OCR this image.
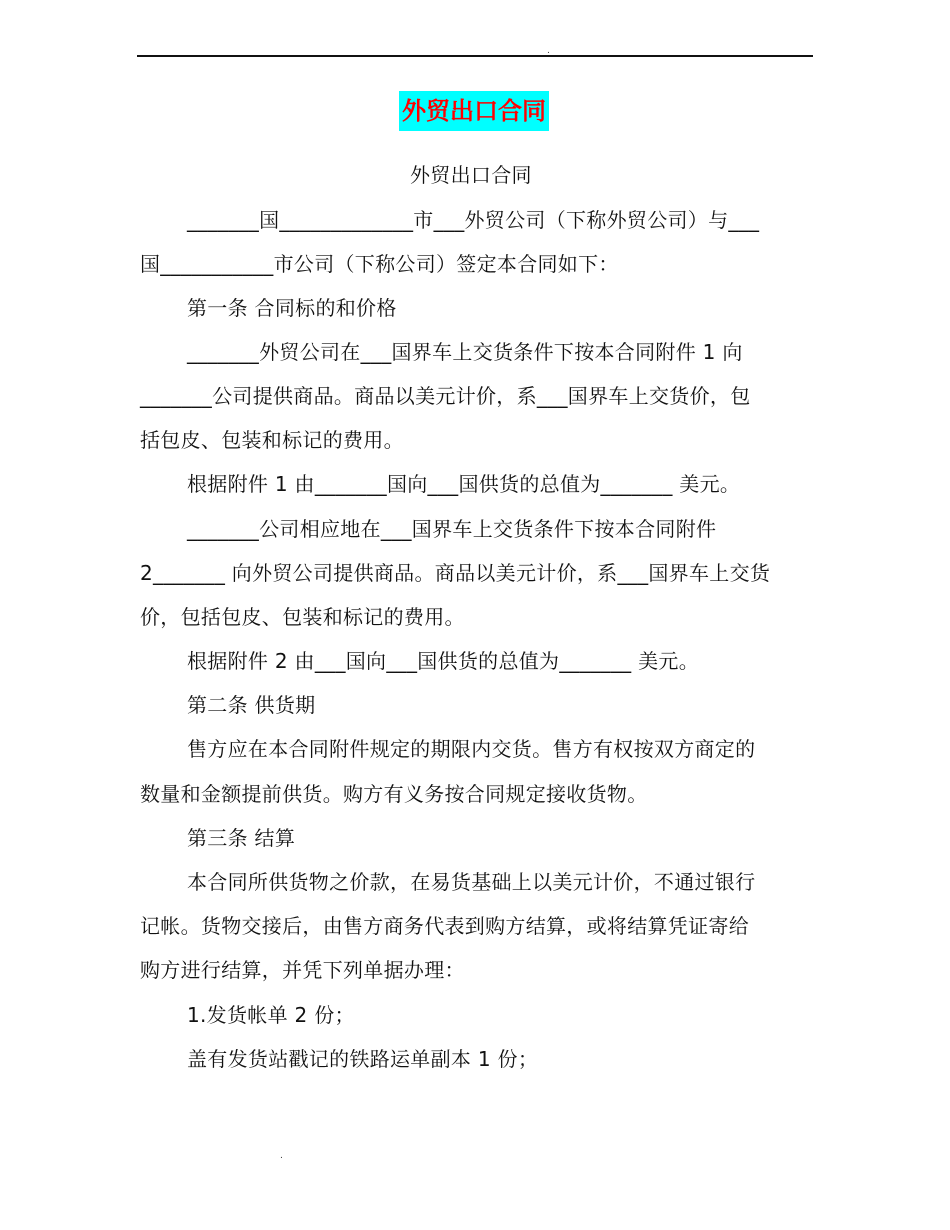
.
外贸出口合同
外贸出口合同
_______国_____________市___外贸公司（下称外贸公司）与___
国___________市公司（下称公司）签定本合同如下：
第一条 合同标的和价格
_______外贸公司在___国界车上交货条件下按本合同附件 1 向
_______公司提供商品。商品以美元计价，系___国界车上交货价，包
括包皮、包装和标记的费用。
根据附件 1 由_______国向___国供货的总值为_______ 美元。
_______公司相应地在___国界车上交货条件下按本合同附件
2_______ 向外贸公司提供商品。商品以美元计价，系___国界车上交货
价，包括包皮、包装和标记的费用。
根据附件 2 由___国向___国供货的总值为_______ 美元。
第二条 供货期
售方应在本合同附件规定的期限内交货。售方有权按双方商定的
数量和金额提前供货。购方有义务按合同规定接收货物。
第三条 结算
本合同所供货物之价款，在易货基础上以美元计价，不通过银行
记帐。货物交接后，由售方商务代表到购方结算，或将结算凭证寄给
购方进行结算，并凭下列单据办理：
1.发货帐单 2 份；
盖有发货站戳记的铁路运单副本 1 份；
.
